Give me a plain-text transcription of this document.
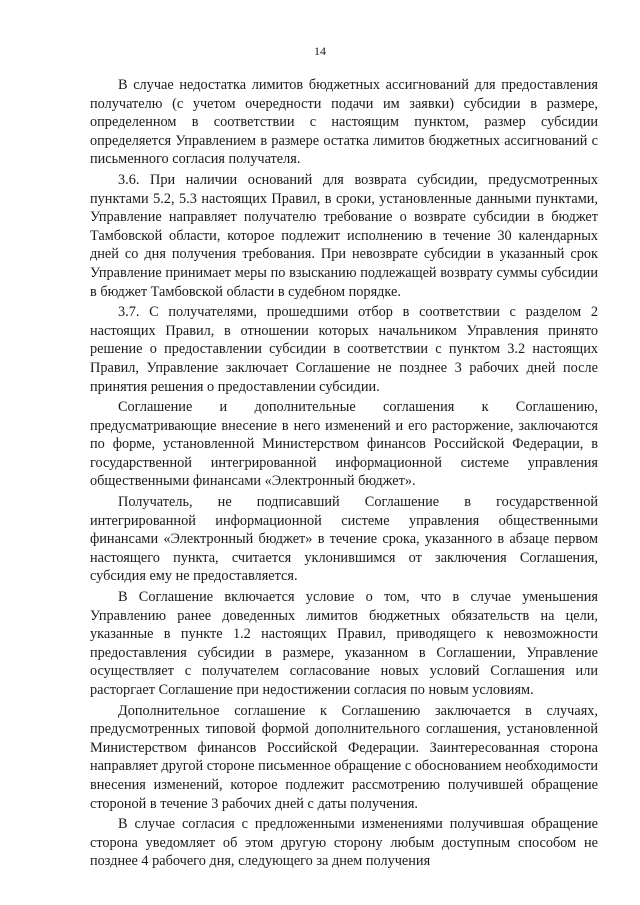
14

В случае недостатка лимитов бюджетных ассигнований для предоставления получателю (с учетом очередности подачи им заявки) субсидии в размере, определенном в соответствии с настоящим пунктом, размер субсидии определяется Управлением в размере остатка лимитов бюджетных ассигнований с письменного согласия получателя.

3.6. При наличии оснований для возврата субсидии, предусмотренных пунктами 5.2, 5.3 настоящих Правил, в сроки, установленные данными пунктами, Управление направляет получателю требование о возврате субсидии в бюджет Тамбовской области, которое подлежит исполнению в течение 30 календарных дней со дня получения требования. При невозврате субсидии в указанный срок Управление принимает меры по взысканию подлежащей возврату суммы субсидии в бюджет Тамбовской области в судебном порядке.

3.7. С получателями, прошедшими отбор в соответствии с разделом 2 настоящих Правил, в отношении которых начальником Управления принято решение о предоставлении субсидии в соответствии с пунктом 3.2 настоящих Правил, Управление заключает Соглашение не позднее 3 рабочих дней после принятия решения о предоставлении субсидии.

Соглашение и дополнительные соглашения к Соглашению, предусматривающие внесение в него изменений и его расторжение, заключаются по форме, установленной Министерством финансов Российской Федерации, в государственной интегрированной информационной системе управления общественными финансами «Электронный бюджет».

Получатель, не подписавший Соглашение в государственной интегрированной информационной системе управления общественными финансами «Электронный бюджет» в течение срока, указанного в абзаце первом настоящего пункта, считается уклонившимся от заключения Соглашения, субсидия ему не предоставляется.

В Соглашение включается условие о том, что в случае уменьшения Управлению ранее доведенных лимитов бюджетных обязательств на цели, указанные в пункте 1.2 настоящих Правил, приводящего к невозможности предоставления субсидии в размере, указанном в Соглашении, Управление осуществляет с получателем согласование новых условий Соглашения или расторгает Соглашение при недостижении согласия по новым условиям.

Дополнительное соглашение к Соглашению заключается в случаях, предусмотренных типовой формой дополнительного соглашения, установленной Министерством финансов Российской Федерации. Заинтересованная сторона направляет другой стороне письменное обращение с обоснованием необходимости внесения изменений, которое подлежит рассмотрению получившей обращение стороной в течение 3 рабочих дней с даты получения.

В случае согласия с предложенными изменениями получившая обращение сторона уведомляет об этом другую сторону любым доступным способом не позднее 4 рабочего дня, следующего за днем получения
